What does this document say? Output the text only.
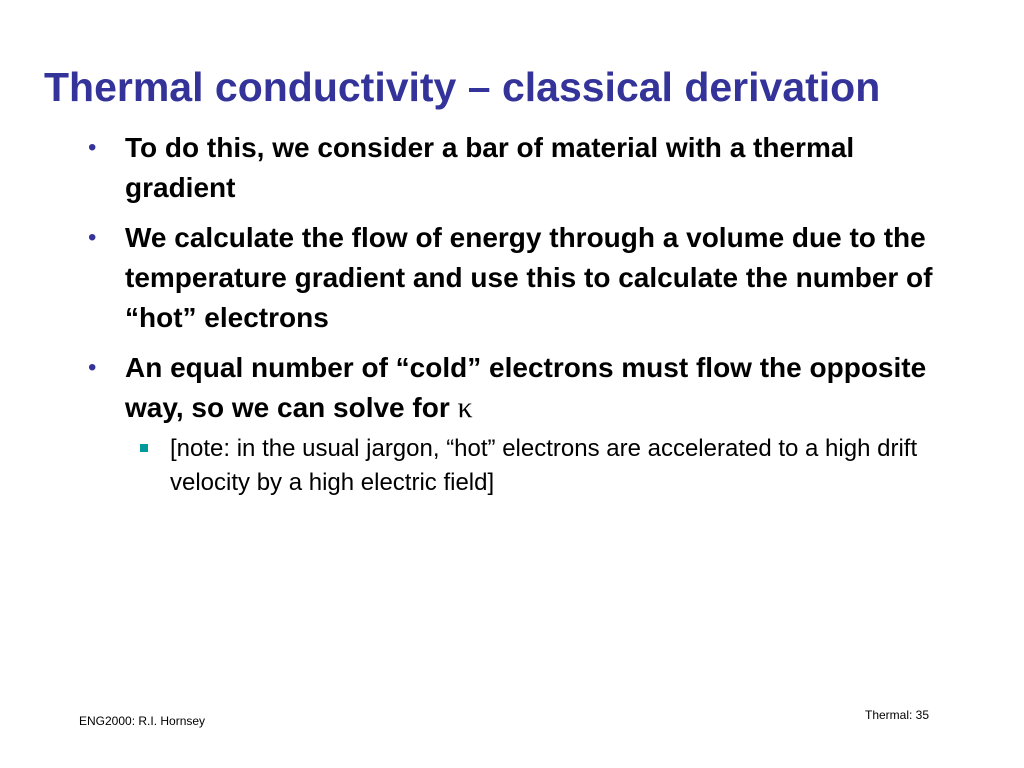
Thermal conductivity – classical derivation
• To do this, we consider a bar of material with a thermal gradient
• We calculate the flow of energy through a volume due to the temperature gradient and use this to calculate the number of “hot” electrons
• An equal number of “cold” electrons must flow the opposite way, so we can solve for κ
[note: in the usual jargon, “hot” electrons are accelerated to a high drift velocity by a high electric field]
ENG2000: R.I. Hornsey	Thermal: 35
